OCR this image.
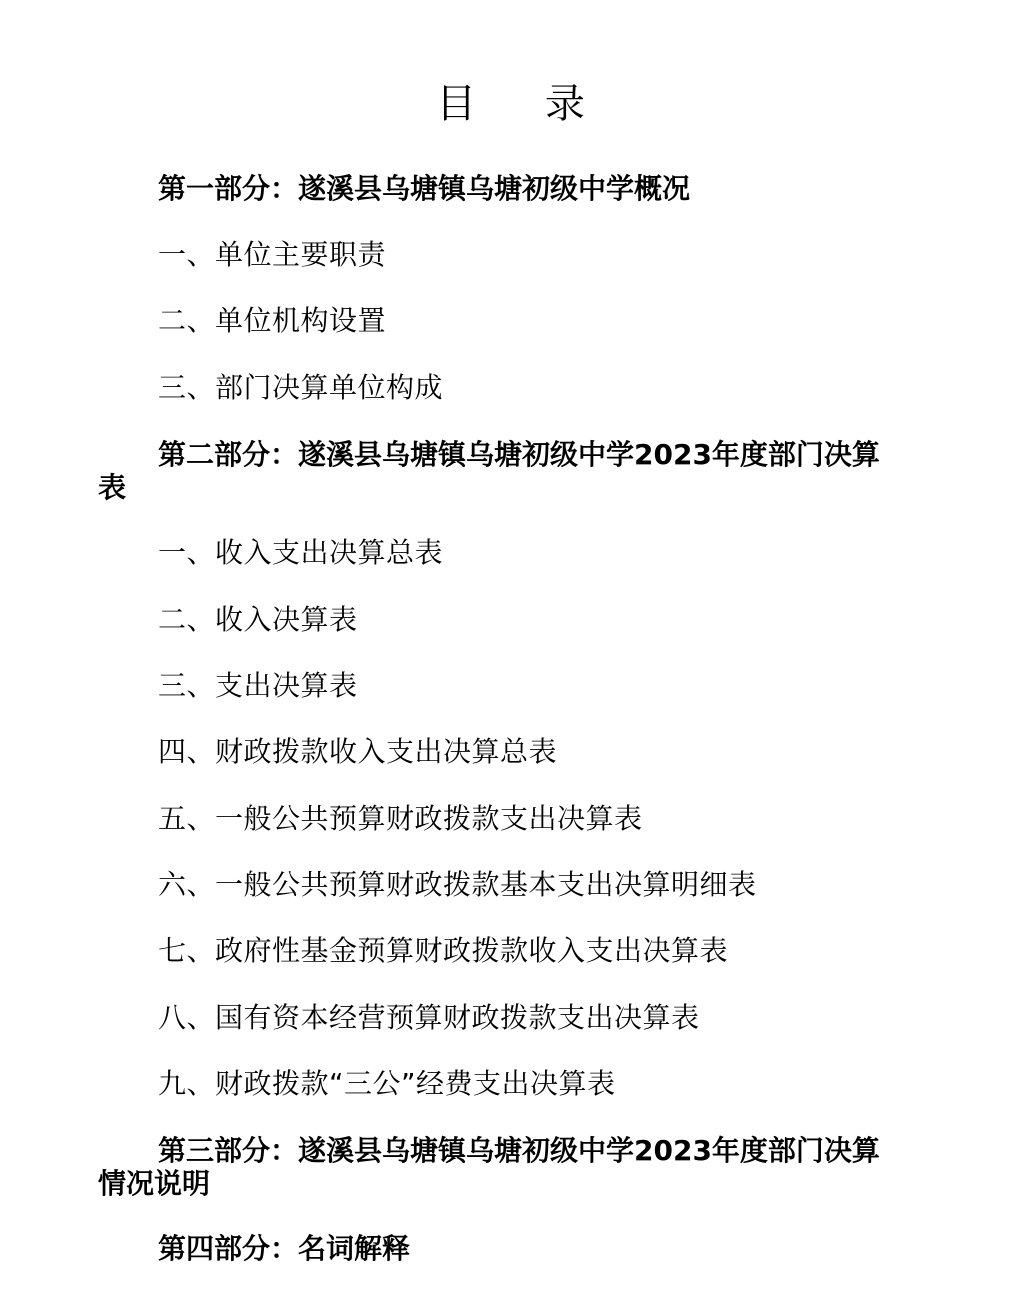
目 录

第一部分：遂溪县乌塘镇乌塘初级中学概况

一、单位主要职责

二、单位机构设置

三、部门决算单位构成

第二部分：遂溪县乌塘镇乌塘初级中学2023年度部门决算表

一、收入支出决算总表

二、收入决算表

三、支出决算表

四、财政拨款收入支出决算总表

五、一般公共预算财政拨款支出决算表

六、一般公共预算财政拨款基本支出决算明细表

七、政府性基金预算财政拨款收入支出决算表

八、国有资本经营预算财政拨款支出决算表

九、财政拨款“三公”经费支出决算表

第三部分：遂溪县乌塘镇乌塘初级中学2023年度部门决算情况说明

第四部分：名词解释
